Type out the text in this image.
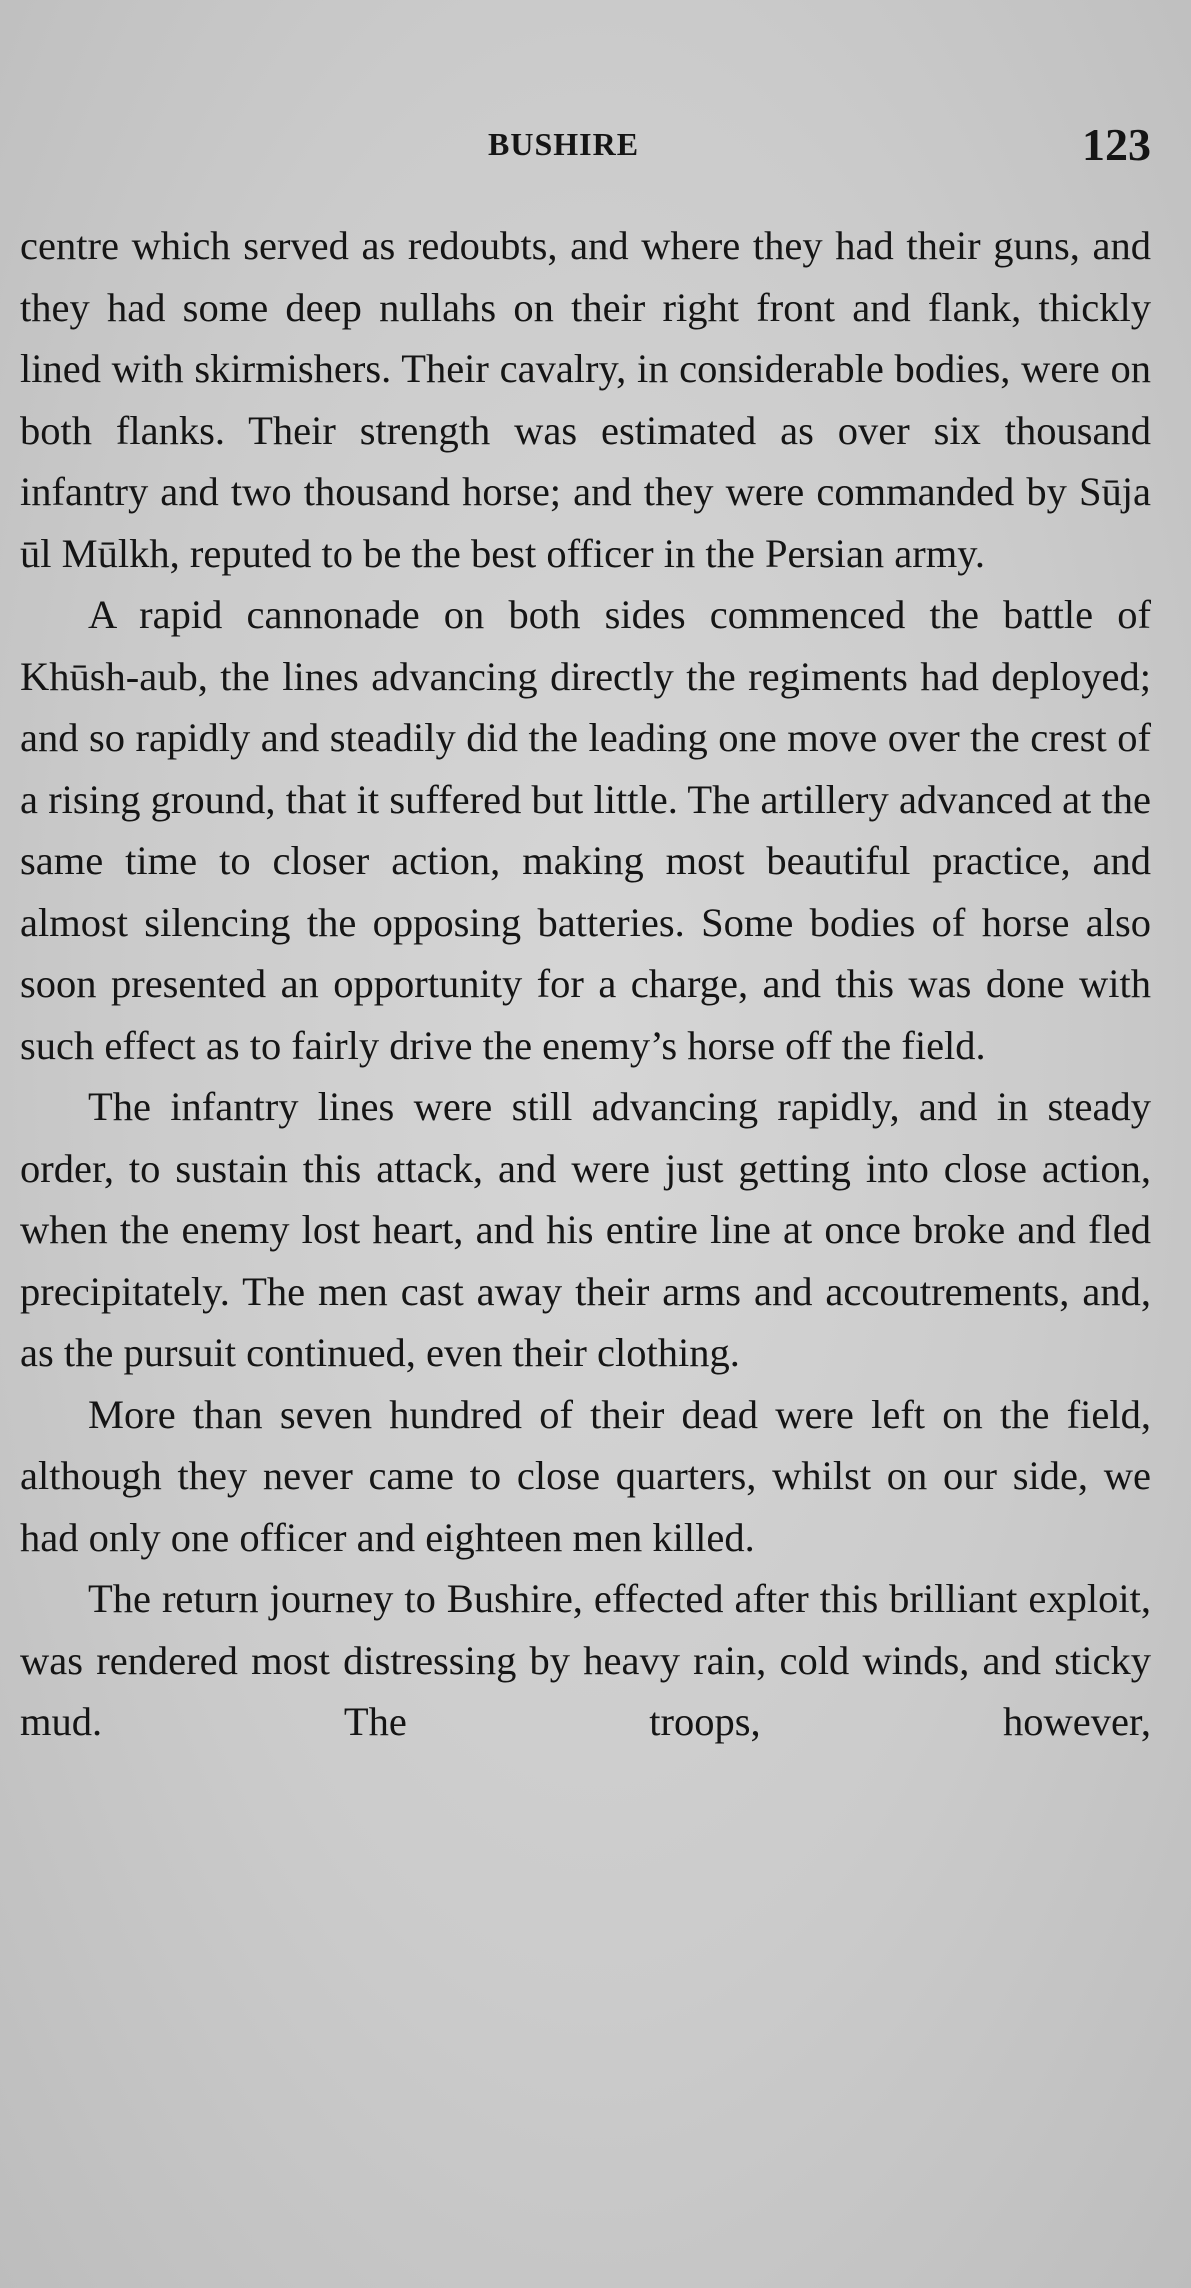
BUSHIRE	123

centre which served as redoubts, and where they had their guns, and they had some deep nullahs on their right front and flank, thickly lined with skirmishers. Their cavalry, in considerable bodies, were on both flanks. Their strength was estimated as over six thousand infantry and two thousand horse; and they were commanded by Sūja ūl Mūlkh, reputed to be the best officer in the Persian army.

A rapid cannonade on both sides commenced the battle of Khūsh-aub, the lines advancing directly the regiments had deployed; and so rapidly and steadily did the leading one move over the crest of a rising ground, that it suffered but little. The artillery advanced at the same time to closer action, making most beautiful practice, and almost silencing the opposing batteries. Some bodies of horse also soon presented an opportunity for a charge, and this was done with such effect as to fairly drive the enemy’s horse off the field.

The infantry lines were still advancing rapidly, and in steady order, to sustain this attack, and were just getting into close action, when the enemy lost heart, and his entire line at once broke and fled precipitately. The men cast away their arms and accoutrements, and, as the pursuit continued, even their clothing.

More than seven hundred of their dead were left on the field, although they never came to close quarters, whilst on our side, we had only one officer and eighteen men killed.

The return journey to Bushire, effected after this brilliant exploit, was rendered most distressing by heavy rain, cold winds, and sticky mud. The troops, however,
